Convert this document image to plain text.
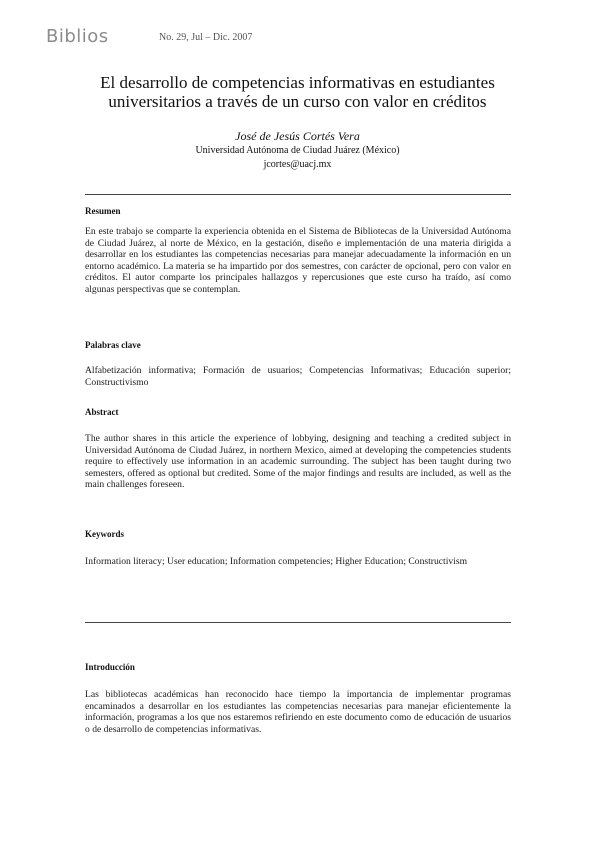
Biblios	No. 29, Jul – Dic. 2007
El desarrollo de competencias informativas en estudiantes universitarios a través de un curso con valor en créditos
José de Jesús Cortés Vera
Universidad Autónoma de Ciudad Juárez (México)
jcortes@uacj.mx
Resumen
En este trabajo se comparte la experiencia obtenida en el Sistema de Bibliotecas de la Universidad Autónoma de Ciudad Juárez, al norte de México, en la gestación, diseño e implementación de una materia dirigida a desarrollar en los estudiantes las competencias necesarias para manejar adecuadamente la información en un entorno académico. La materia se ha impartido por dos semestres, con carácter de opcional, pero con valor en créditos. El autor comparte los principales hallazgos y repercusiones que este curso ha traído, así como algunas perspectivas que se contemplan.
Palabras clave
Alfabetización informativa; Formación de usuarios; Competencias Informativas; Educación superior; Constructivismo
Abstract
The author shares in this article the experience of lobbying, designing and teaching a credited subject in Universidad Autónoma de Ciudad Juárez, in northern Mexico, aimed at developing the competencies students require to effectively use information in an academic surrounding. The subject has been taught during two semesters, offered as optional but credited. Some of the major findings and results are included, as well as the main challenges foreseen.
Keywords
Information literacy; User education; Information competencies; Higher Education; Constructivism
Introducción
Las bibliotecas académicas han reconocido hace tiempo la importancia de implementar programas encaminados a desarrollar en los estudiantes las competencias necesarias para manejar eficientemente la información, programas a los que nos estaremos refiriendo en este documento como de educación de usuarios o de desarrollo de competencias informativas.
